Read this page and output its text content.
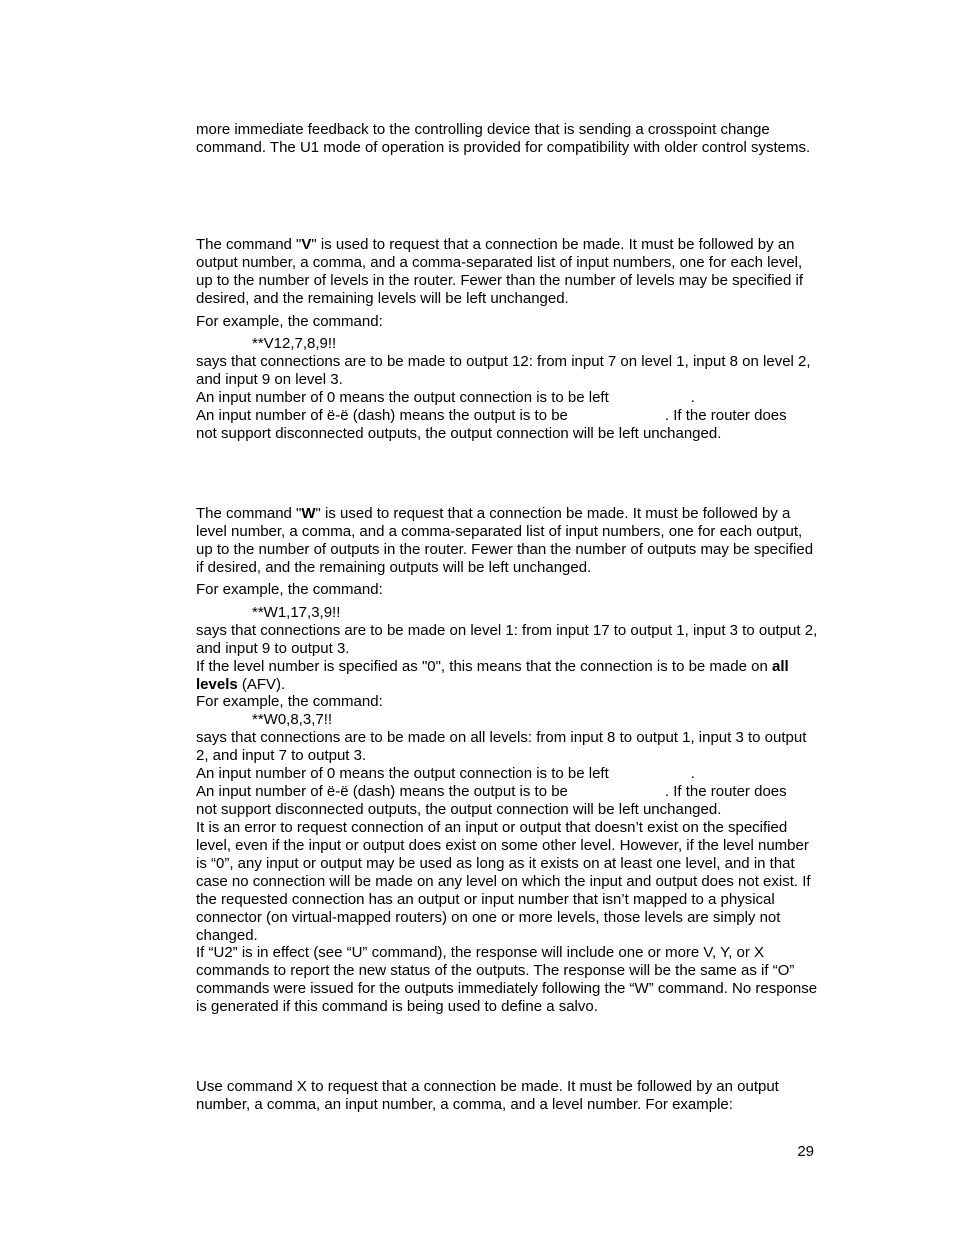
more immediate feedback to the controlling device that is sending a crosspoint change command. The U1 mode of operation is provided for compatibility with older control systems.

The command "V" is used to request that a connection be made. It must be followed by an output number, a comma, and a comma-separated list of input numbers, one for each level, up to the number of levels in the router. Fewer than the number of levels may be specified if desired, and the remaining levels will be left unchanged.

For example, the command:
**V12,7,8,9!!

says that connections are to be made to output 12: from input 7 on level 1, input 8 on level 2, and input 9 on level 3.

An input number of 0 means the output connection is to be left	.
An input number of ë-ë (dash) means the output is to be	. If the router does
not support disconnected outputs, the output connection will be left unchanged.

The command "W" is used to request that a connection be made. It must be followed by a level number, a comma, and a comma-separated list of input numbers, one for each output, up to the number of outputs in the router. Fewer than the number of outputs may be specified if desired, and the remaining outputs will be left unchanged.

For example, the command:
**W1,17,3,9!!

says that connections are to be made on level 1: from input 17 to output 1, input 3 to output 2, and input 9 to output 3.

If the level number is specified as "0", this means that the connection is to be made on all levels (AFV).

For example, the command:
**W0,8,3,7!!

says that connections are to be made on all levels: from input 8 to output 1, input 3 to output 2, and input 7 to output 3.

An input number of 0 means the output connection is to be left	.
An input number of ë-ë (dash) means the output is to be	. If the router does
not support disconnected outputs, the output connection will be left unchanged.

It is an error to request connection of an input or output that doesn’t exist on the specified level, even if the input or output does exist on some other level. However, if the level number is “0”, any input or output may be used as long as it exists on at least one level, and in that case no connection will be made on any level on which the input and output does not exist. If the requested connection has an output or input number that isn’t mapped to a physical connector (on virtual-mapped routers) on one or more levels, those levels are simply not changed.

If “U2” is in effect (see “U” command), the response will include one or more V, Y, or X commands to report the new status of the outputs. The response will be the same as if “O” commands were issued for the outputs immediately following the “W” command. No response is generated if this command is being used to define a salvo.

Use command X to request that a connection be made. It must be followed by an output number, a comma, an input number, a comma, and a level number. For example:

29
